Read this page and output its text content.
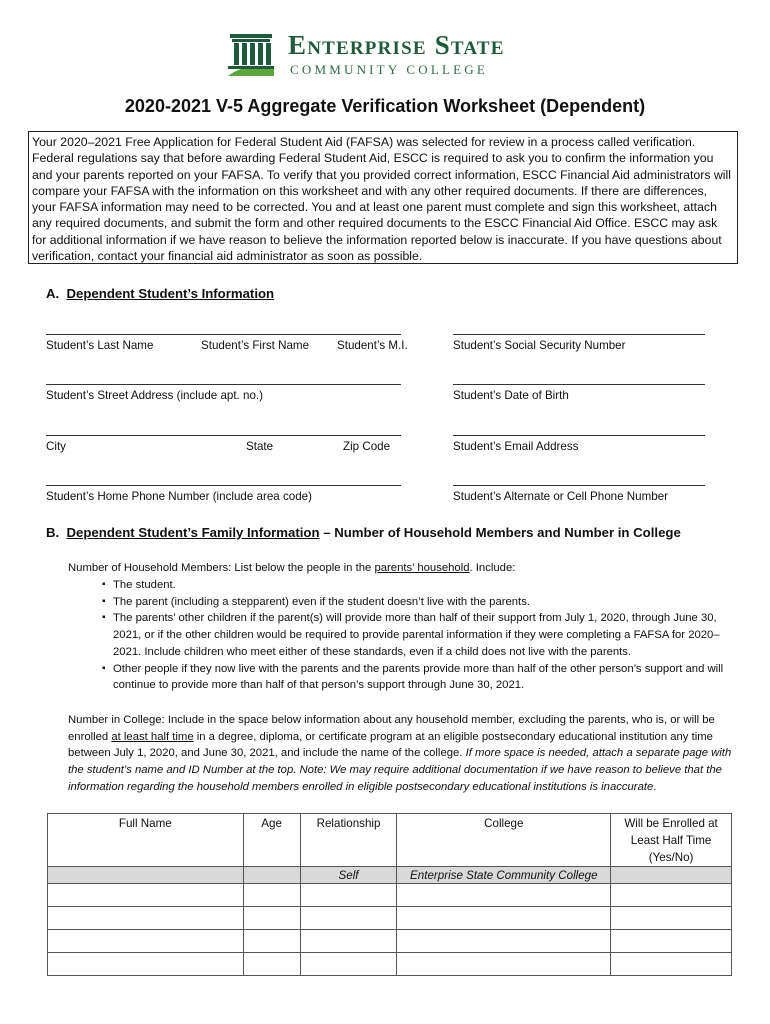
Enterprise State
COMMUNITY COLLEGE
2020-2021 V-5 Aggregate Verification Worksheet (Dependent)
Your 2020–2021 Free Application for Federal Student Aid (FAFSA) was selected for review in a process called verification. Federal regulations say that before awarding Federal Student Aid, ESCC is required to ask you to confirm the information you and your parents reported on your FAFSA. To verify that you provided correct information, ESCC Financial Aid administrators will compare your FAFSA with the information on this worksheet and with any other required documents. If there are differences, your FAFSA information may need to be corrected. You and at least one parent must complete and sign this worksheet, attach any required documents, and submit the form and other required documents to the ESCC Financial Aid Office. ESCC may ask for additional information if we have reason to believe the information reported below is inaccurate. If you have questions about verification, contact your financial aid administrator as soon as possible.
A. Dependent Student’s Information
Student’s Last Name	Student’s First Name Student’s M.I.	Student’s Social Security Number
Student’s Street Address (include apt. no.)	Student’s Date of Birth
City	State	Zip Code	Student’s Email Address
Student’s Home Phone Number (include area code)	Student’s Alternate or Cell Phone Number
B. Dependent Student’s Family Information – Number of Household Members and Number in College
Number of Household Members: List below the people in the parents’ household. Include:
▪ The student.
▪ The parent (including a stepparent) even if the student doesn’t live with the parents.
▪ The parents’ other children if the parent(s) will provide more than half of their support from July 1, 2020, through June 30, 2021, or if the other children would be required to provide parental information if they were completing a FAFSA for 2020–2021. Include children who meet either of these standards, even if a child does not live with the parents.
▪ Other people if they now live with the parents and the parents provide more than half of the other person’s support and will continue to provide more than half of that person’s support through June 30, 2021.
Number in College: Include in the space below information about any household member, excluding the parents, who is, or will be enrolled at least half time in a degree, diploma, or certificate program at an eligible postsecondary educational institution any time between July 1, 2020, and June 30, 2021, and include the name of the college. If more space is needed, attach a separate page with the student’s name and ID Number at the top. Note: We may require additional documentation if we have reason to believe that the information regarding the household members enrolled in eligible postsecondary educational institutions is inaccurate.
Full Name	Age	Relationship	College	Will be Enrolled at Least Half Time (Yes/No)
		Self	Enterprise State Community College	
